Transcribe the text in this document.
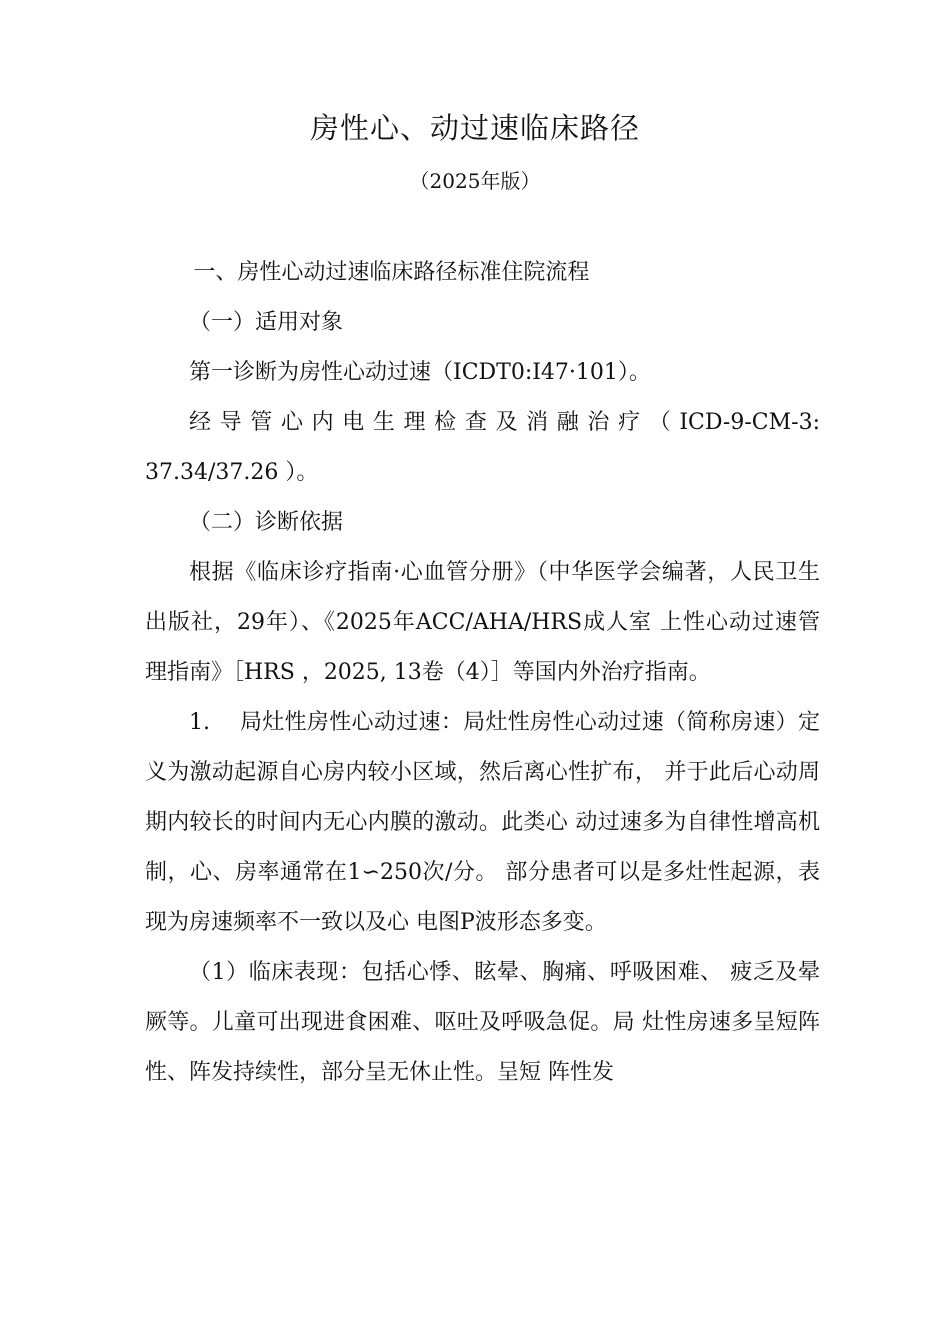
房性心、动过速临床路径
（2025年版）

一、房性心动过速临床路径标准住院流程

（一）适用对象

第一诊断为房性心动过速（ICDT0:I47·101）。

经导管心内电生理检查及消融治疗（ICD-9-CM-3: 37.34/37.26 ）。

（二）诊断依据

根据《临床诊疗指南·心血管分册》（中华医学会编著，人民卫生出版社，29年）、《2025年ACC/AHA/HRS成人室 上性心动过速管理指南》［HRS ，2025, 13卷（4）］等国内外治疗指南。

1.　 局灶性房性心动过速：局灶性房性心动过速（简称房速）定义为激动起源自心房内较小区域，然后离心性扩布， 并于此后心动周期内较长的时间内无心内膜的激动。此类心 动过速多为自律性增高机制，心、房率通常在1∽250次/分。 部分患者可以是多灶性起源，表现为房速频率不一致以及心 电图P波形态多变。

（1）临床表现：包括心悸、眩晕、胸痛、呼吸困难、 疲乏及晕厥等。儿童可出现进食困难、呕吐及呼吸急促。局 灶性房速多呈短阵性、阵发持续性，部分呈无休止性。呈短 阵性发
